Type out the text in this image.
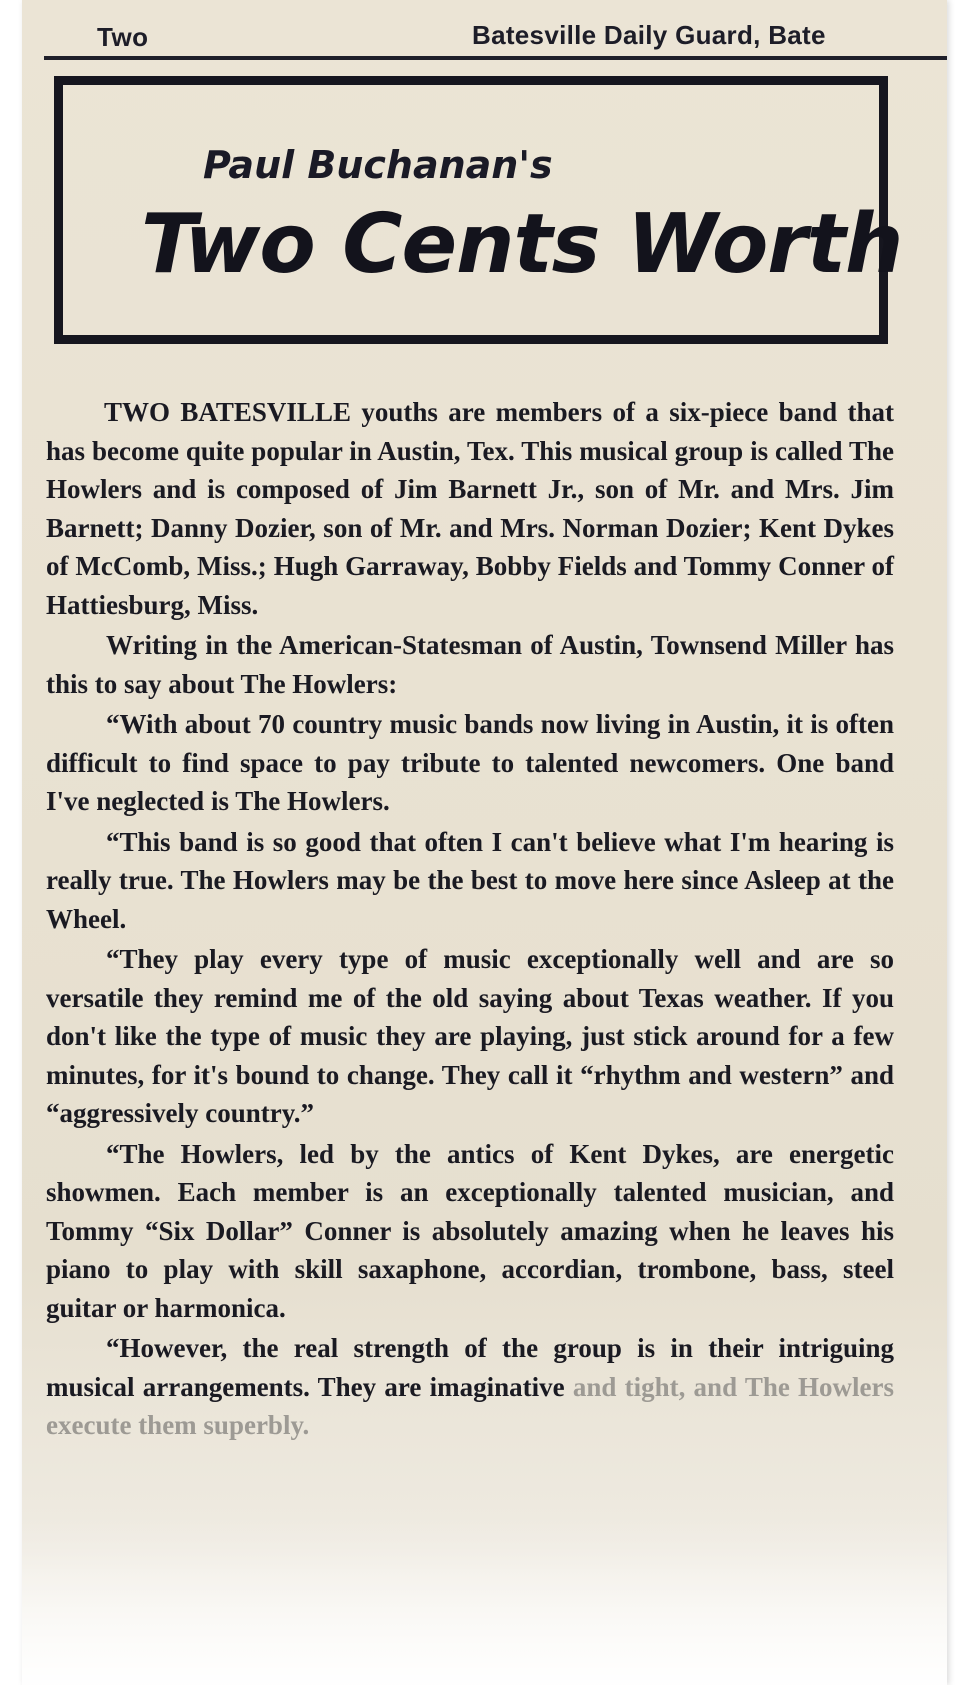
Two	Batesville Daily Guard, Bate
Paul Buchanan's
Two Cents Worth

TWO BATESVILLE youths are members of a six-piece band that has become quite popular in Austin, Tex. This musical group is called The Howlers and is composed of Jim Barnett Jr., son of Mr. and Mrs. Jim Barnett; Danny Dozier, son of Mr. and Mrs. Norman Dozier; Kent Dykes of McComb, Miss.; Hugh Garraway, Bobby Fields and Tommy Conner of Hattiesburg, Miss.

Writing in the American-Statesman of Austin, Townsend Miller has this to say about The Howlers:

“With about 70 country music bands now living in Austin, it is often difficult to find space to pay tribute to talented newcomers. One band I've neglected is The Howlers.

“This band is so good that often I can't believe what I'm hearing is really true. The Howlers may be the best to move here since Asleep at the Wheel.

“They play every type of music exceptionally well and are so versatile they remind me of the old saying about Texas weather. If you don't like the type of music they are playing, just stick around for a few minutes, for it's bound to change. They call it “rhythm and western” and “aggressively country.”

“The Howlers, led by the antics of Kent Dykes, are energetic showmen. Each member is an exceptionally talented musician, and Tommy “Six Dollar” Conner is absolutely amazing when he leaves his piano to play with skill saxaphone, accordian, trombone, bass, steel guitar or harmonica.

“However, the real strength of the group is in their intriguing musical arrangements. They are imaginative and tight, and The Howlers execute them superbly.
